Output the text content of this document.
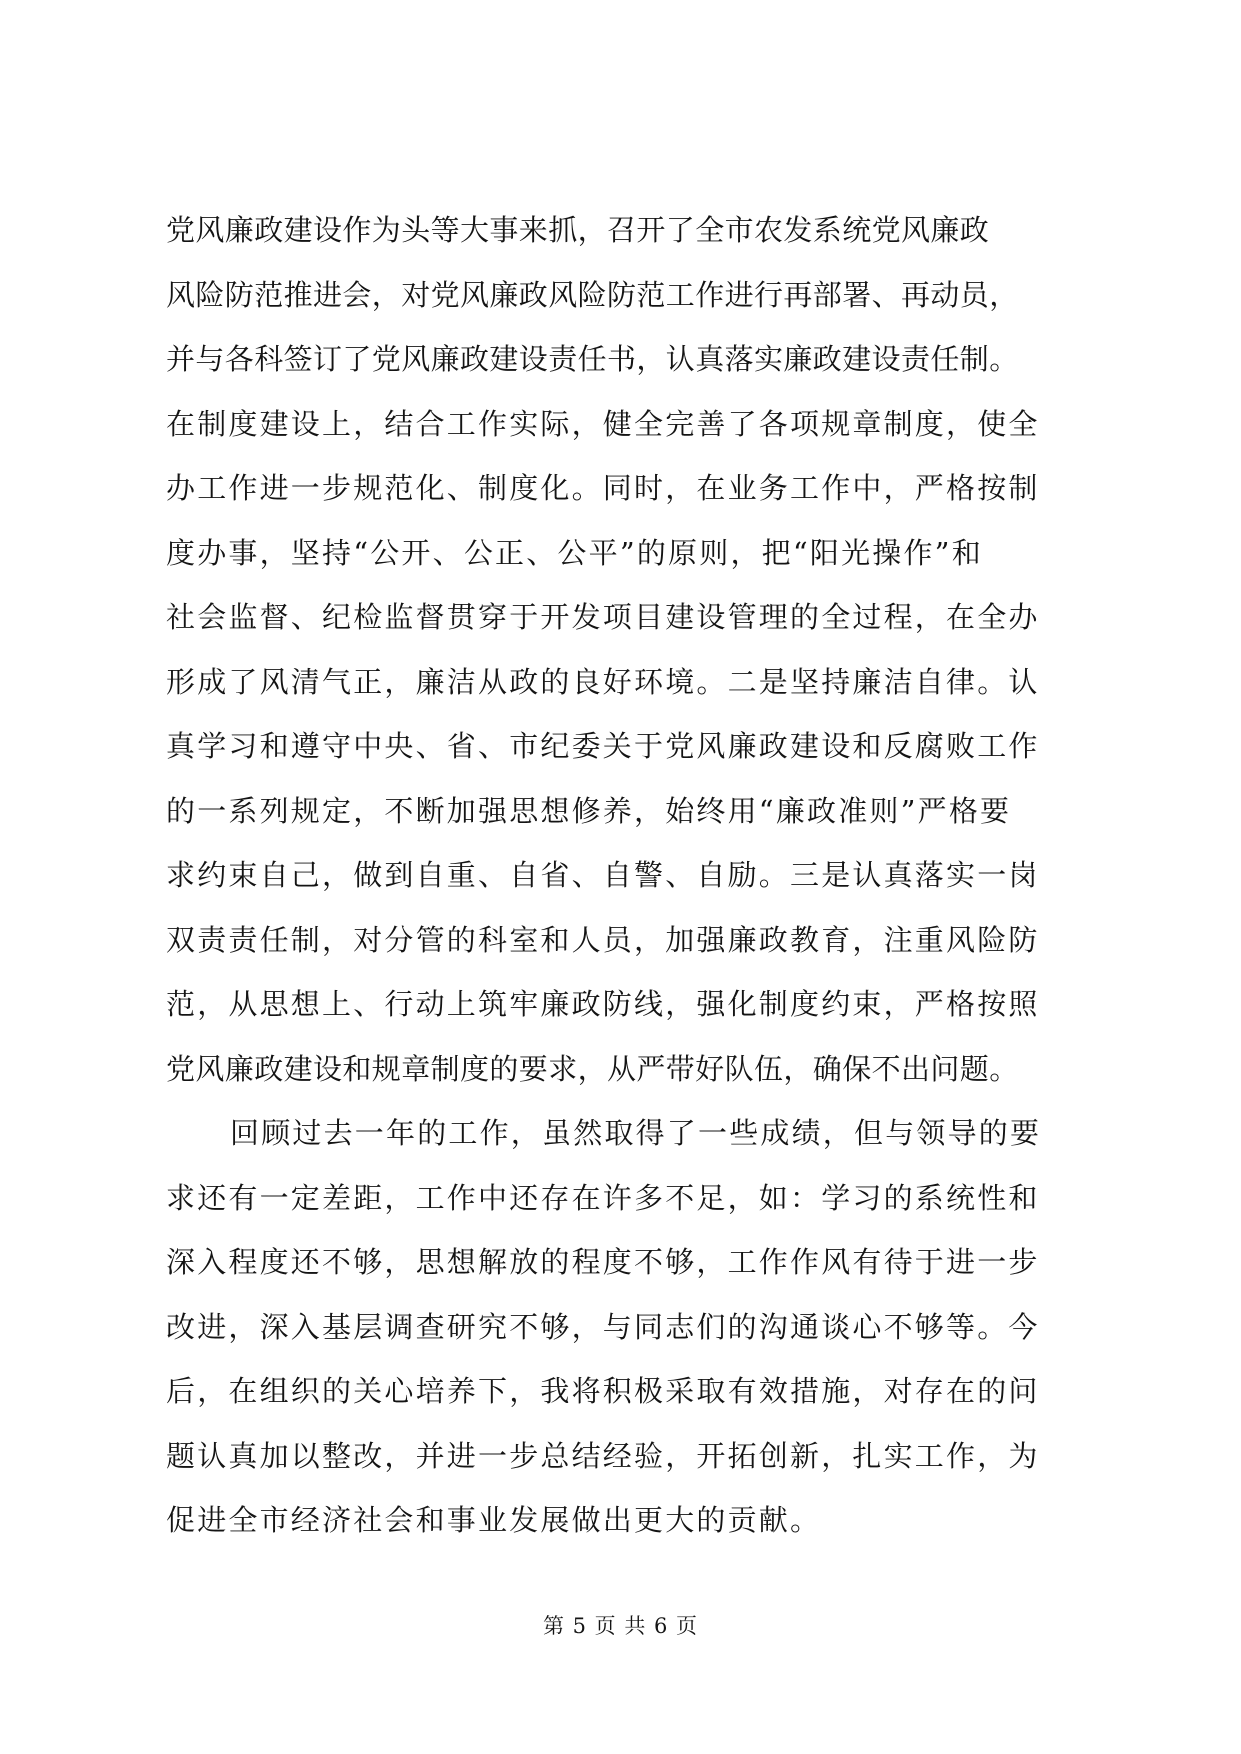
党风廉政建设作为头等大事来抓，召开了全市农发系统党风廉政
风险防范推进会，对党风廉政风险防范工作进行再部署、再动员，
并与各科签订了党风廉政建设责任书，认真落实廉政建设责任制。
在制度建设上，结合工作实际，健全完善了各项规章制度，使全
办工作进一步规范化、制度化。同时，在业务工作中，严格按制
度办事，坚持“公开、公正、公平”的原则，把“阳光操作”和
社会监督、纪检监督贯穿于开发项目建设管理的全过程，在全办
形成了风清气正，廉洁从政的良好环境。二是坚持廉洁自律。认
真学习和遵守中央、省、市纪委关于党风廉政建设和反腐败工作
的一系列规定，不断加强思想修养，始终用“廉政准则”严格要
求约束自己，做到自重、自省、自警、自励。三是认真落实一岗
双责责任制，对分管的科室和人员，加强廉政教育，注重风险防
范，从思想上、行动上筑牢廉政防线，强化制度约束，严格按照
党风廉政建设和规章制度的要求，从严带好队伍，确保不出问题。
回顾过去一年的工作，虽然取得了一些成绩，但与领导的要
求还有一定差距，工作中还存在许多不足，如：学习的系统性和
深入程度还不够，思想解放的程度不够，工作作风有待于进一步
改进，深入基层调查研究不够，与同志们的沟通谈心不够等。今
后，在组织的关心培养下，我将积极采取有效措施，对存在的问
题认真加以整改，并进一步总结经验，开拓创新，扎实工作，为
促进全市经济社会和事业发展做出更大的贡献。
第 5 页 共 6 页
